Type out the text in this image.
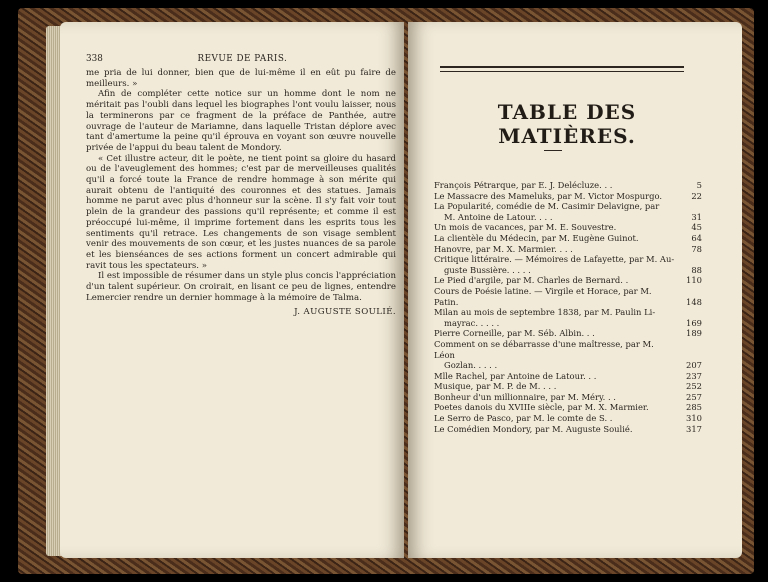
338	REVUE DE PARIS.

me pria de lui donner, bien que de lui-même il en eût pu faire de meilleurs. »

Afin de compléter cette notice sur un homme dont le nom ne méritait pas l'oubli dans lequel les biographes l'ont voulu laisser, nous la terminerons par ce fragment de la préface de Panthée, autre ouvrage de l'auteur de Mariamne, dans laquelle Tristan déplore avec tant d'amertume la peine qu'il éprouva en voyant son œuvre nouvelle privée de l'appui du beau talent de Mondory.

« Cet illustre acteur, dit le poète, ne tient point sa gloire du hasard ou de l'aveuglement des hommes; c'est par de merveilleuses qualités qu'il a forcé toute la France de rendre hommage à son mérite qui aurait obtenu de l'antiquité des couronnes et des statues. Jamais homme ne parut avec plus d'honneur sur la scène. Il s'y fait voir tout plein de la grandeur des passions qu'il représente; et comme il est préoccupé lui-même, il imprime fortement dans les esprits tous les sentiments qu'il retrace. Les changements de son visage semblent venir des mouvements de son cœur, et les justes nuances de sa parole et les bienséances de ses actions forment un concert admirable qui ravit tous les spectateurs. »

Il est impossible de résumer dans un style plus concis l'appréciation d'un talent supérieur. On croirait, en lisant ce peu de lignes, entendre Lemercier rendre un dernier hommage à la mémoire de Talma.

J. AUGUSTE SOULIÉ.

TABLE DES MATIÈRES.
François Pétrarque, par E. J. Delécluze. . .	5
Le Massacre des Mameluks, par M. Victor Mospurgo.	22
La Popularité, comédie de M. Casimir Delavigne, par
M. Antoine de Latour. . . .	31
Un mois de vacances, par M. E. Souvestre.	45
La clientèle du Médecin, par M. Eugène Guinot.	64
Hanovre, par M. X. Marmier. . . .	78
Critique littéraire. — Mémoires de Lafayette, par M. Au-
guste Bussière. . . . .	88
Le Pied d'argile, par M. Charles de Bernard. .	110
Cours de Poésie latine. — Virgile et Horace, par M. Patin.	148
Milan au mois de septembre 1838, par M. Paulin Li-
mayrac. . . . .	169
Pierre Corneille, par M. Séb. Albin. . .	189
Comment on se débarrasse d'une maîtresse, par M. Léon
Gozlan. . . . .	207
Mlle Rachel, par Antoine de Latour. . .	237
Musique, par M. P. de M. . . .	252
Bonheur d'un millionnaire, par M. Méry. . .	257
Poetes danois du XVIIIe siècle, par M. X. Marmier.	285
Le Serro de Pasco, par M. le comte de S. .	310
Le Comédien Mondory, par M. Auguste Soulié.	317
